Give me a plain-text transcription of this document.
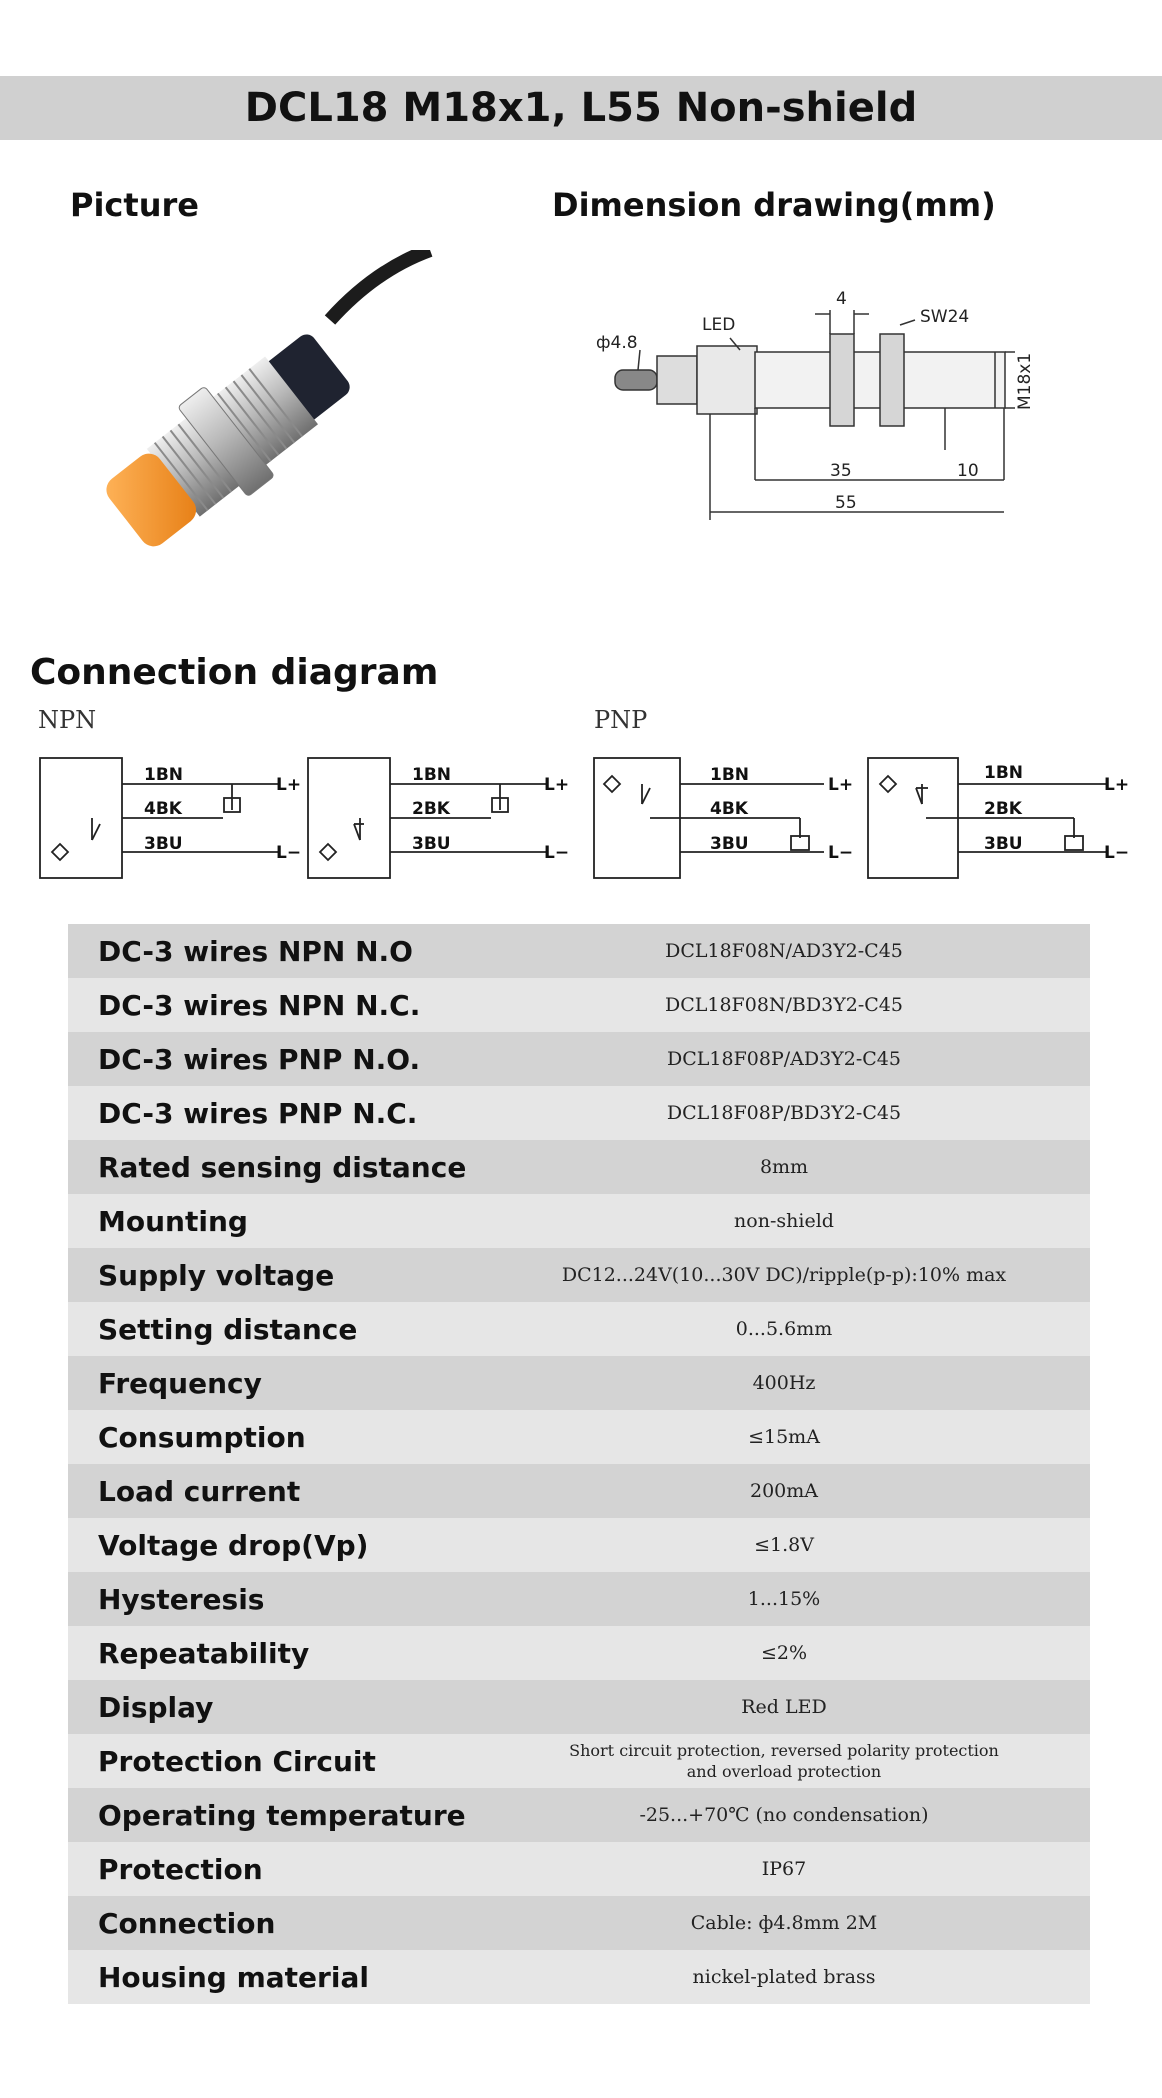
DCL18 M18x1, L55 Non-shield
Picture	Dimension drawing(mm)
ф4.8
LED
4
SW24
M18x1
35	10
55
Connection diagram
NPN	PNP
1BN
4BK
3BU
L+
L−
1BN
2BK
3BU
L+
L−
1BN
4BK
3BU
L+
L−
1BN
2BK
3BU
L+
L−
DC-3 wires NPN N.O	DCL18F08N/AD3Y2-C45
DC-3 wires NPN N.C.	DCL18F08N/BD3Y2-C45
DC-3 wires PNP N.O.	DCL18F08P/AD3Y2-C45
DC-3 wires PNP N.C.	DCL18F08P/BD3Y2-C45
Rated sensing distance	8mm
Mounting	non-shield
Supply voltage	DC12...24V(10...30V DC)/ripple(p-p):10% max
Setting distance	0...5.6mm
Frequency	400Hz
Consumption	≤15mA
Load current	200mA
Voltage drop(Vp)	≤1.8V
Hysteresis	1...15%
Repeatability	≤2%
Display	Red LED
Protection Circuit	Short circuit protection, reversed polarity protection
and overload protection
Operating temperature	-25...+70℃ (no condensation)
Protection	IP67
Connection	Cable: ф4.8mm 2M
Housing material	nickel-plated brass
